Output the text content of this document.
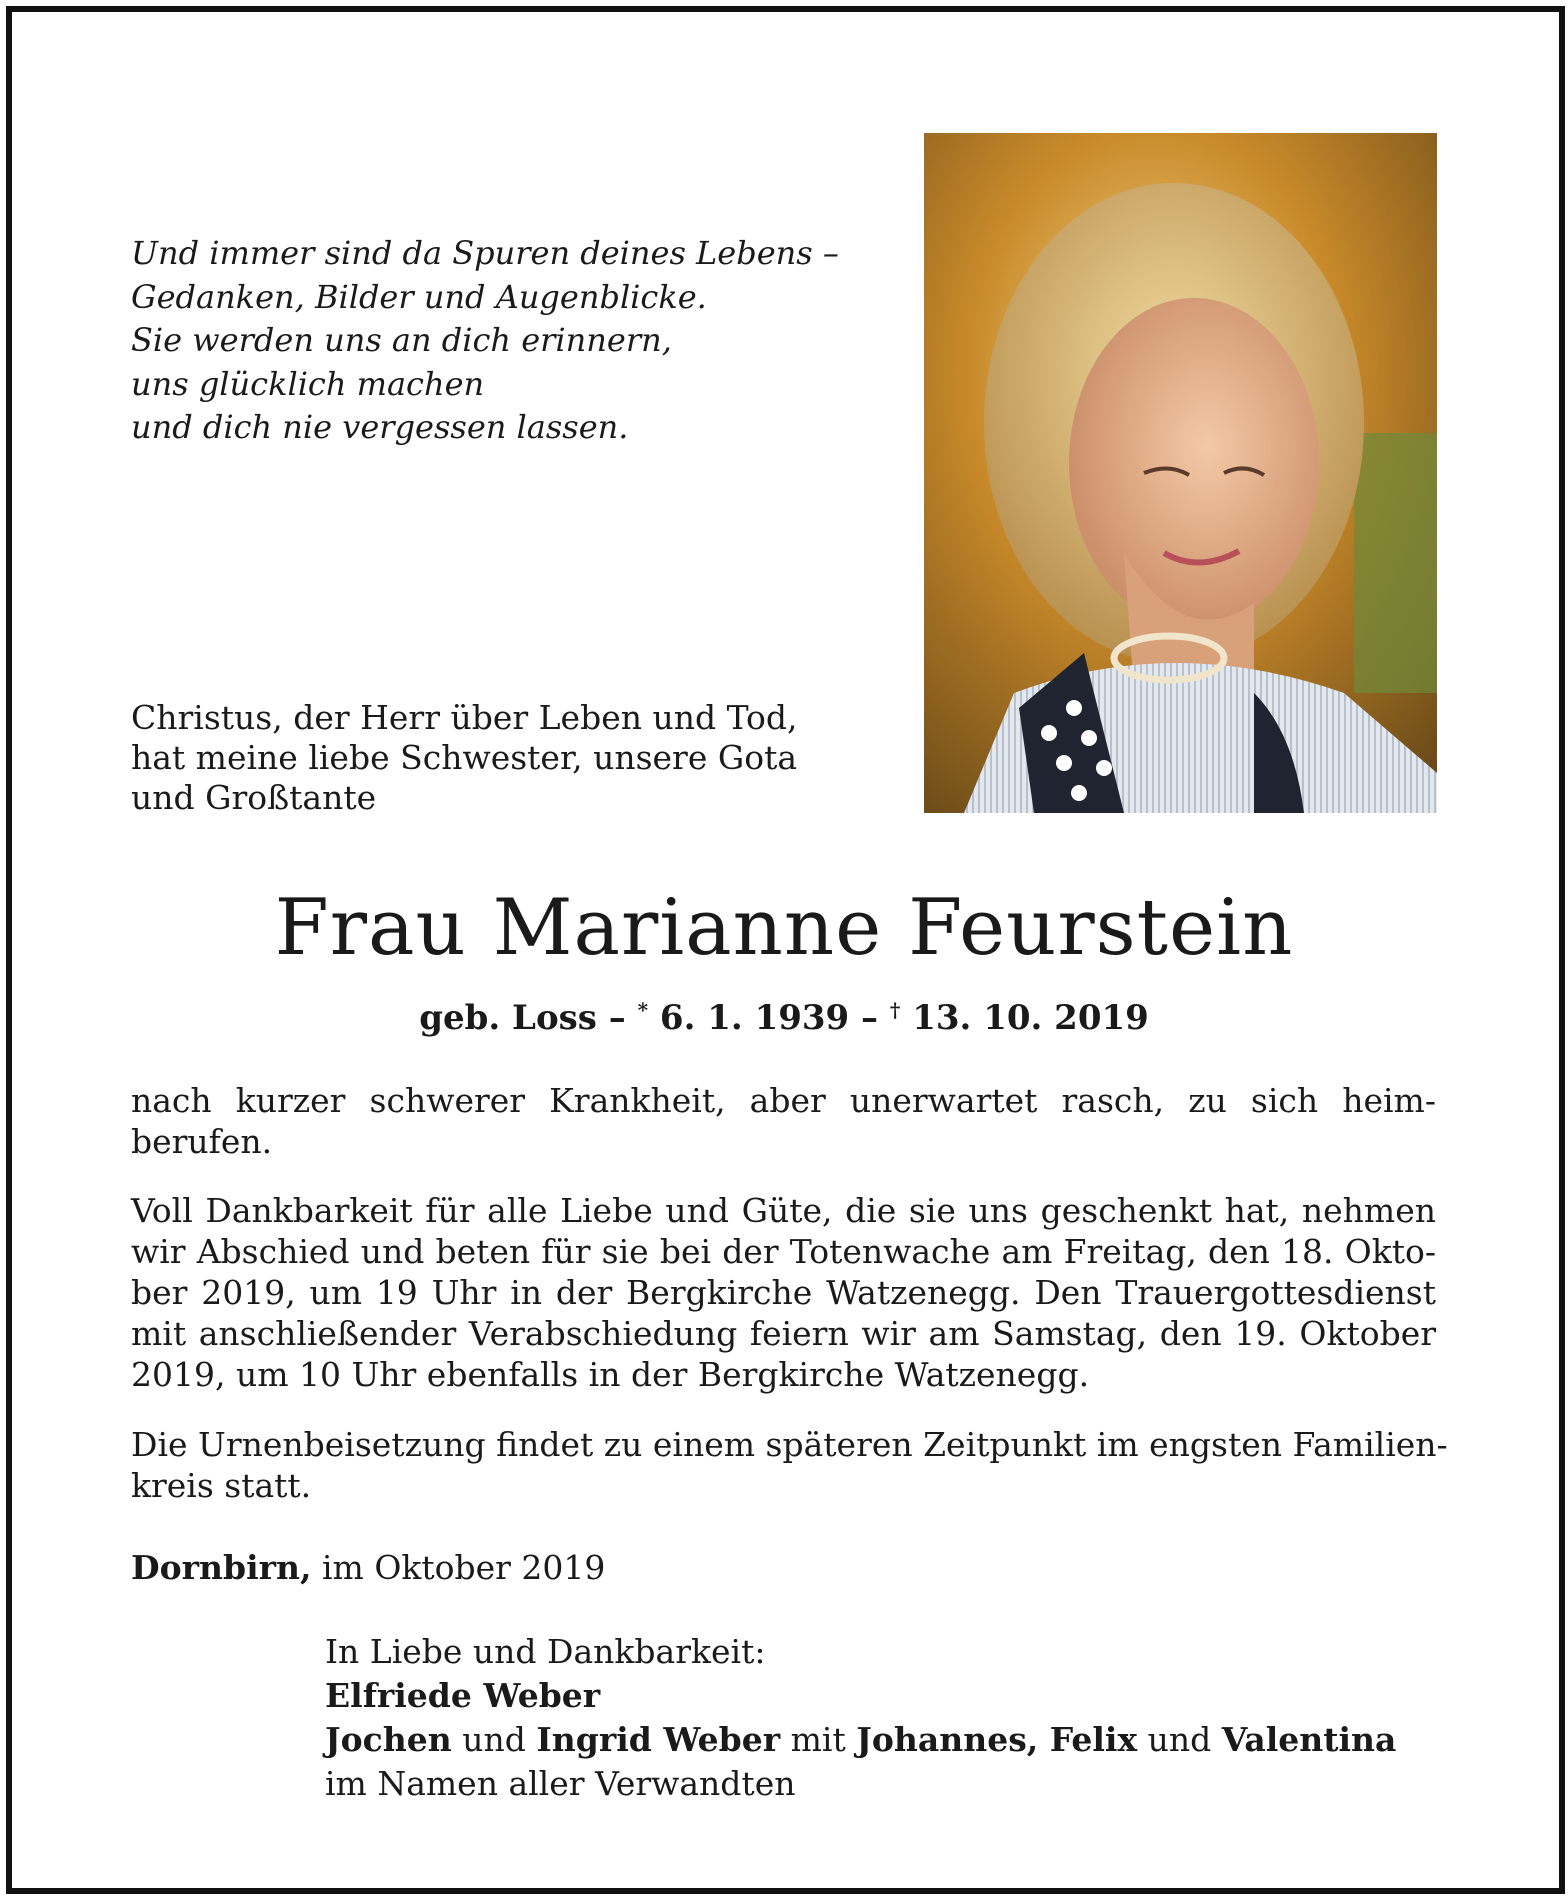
Und immer sind da Spuren deines Lebens –
Gedanken, Bilder und Augenblicke.
Sie werden uns an dich erinnern,
uns glücklich machen
und dich nie vergessen lassen.
Christus, der Herr über Leben und Tod,
hat meine liebe Schwester, unsere Gota
und Großtante
Frau Marianne Feurstein
geb. Loss – * 6. 1. 1939 – † 13. 10. 2019
nach kurzer schwerer Krankheit, aber unerwartet rasch, zu sich heim-
berufen.
Voll Dankbarkeit für alle Liebe und Güte, die sie uns geschenkt hat, nehmen
wir Abschied und beten für sie bei der Totenwache am Freitag, den 18. Okto-
ber 2019, um 19 Uhr in der Bergkirche Watzenegg. Den Trauergottesdienst
mit anschließender Verabschiedung feiern wir am Samstag, den 19. Oktober
2019, um 10 Uhr ebenfalls in der Bergkirche Watzenegg.
Die Urnenbeisetzung findet zu einem späteren Zeitpunkt im engsten Familien-
kreis statt.
Dornbirn, im Oktober 2019
In Liebe und Dankbarkeit:
Elfriede Weber
Jochen und Ingrid Weber mit Johannes, Felix und Valentina
im Namen aller Verwandten
